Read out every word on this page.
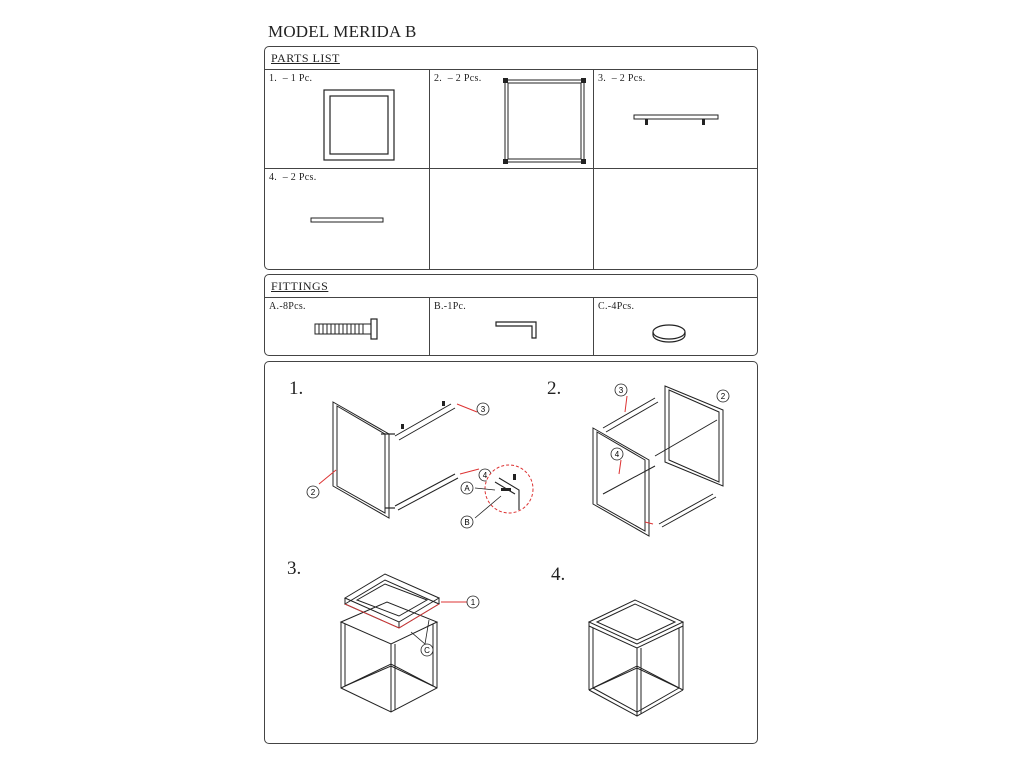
MODEL MERIDA B
PARTS LIST
1.  – 1 Pc.	2.  – 2 Pcs.	3.  – 2 Pcs.
4.  – 2 Pcs.
FITTINGS
A.-8Pcs.	B.-1Pc.	C.-4Pcs.
1.
3
4
2	A
B
2.	3
2
4
3.
1
C
4.
